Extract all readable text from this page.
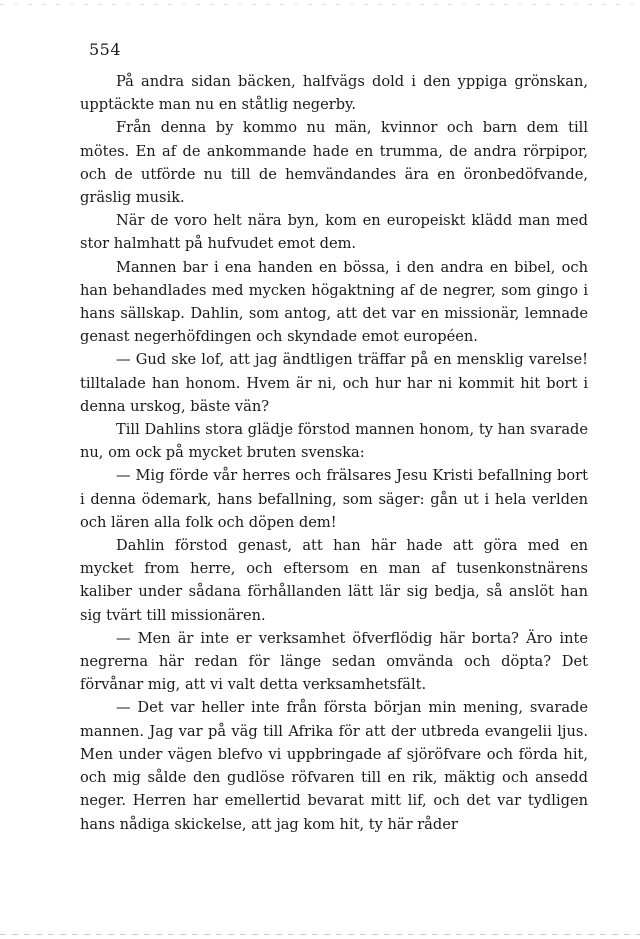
554

På andra sidan bäcken, halfvägs dold i den yppiga grönskan, upptäckte man nu en ståtlig negerby.

Från denna by kommo nu män, kvinnor och barn dem till mötes. En af de ankommande hade en trumma, de andra rörpipor, och de utförde nu till de hemvändandes ära en öronbedöfvande, gräslig musik.

När de voro helt nära byn, kom en europeiskt klädd man med stor halmhatt på hufvudet emot dem.

Mannen bar i ena handen en bössa, i den andra en bibel, och han behandlades med mycken högaktning af de negrer, som gingo i hans sällskap. Dahlin, som antog, att det var en missionär, lemnade genast negerhöfdingen och skyndade emot européen.

— Gud ske lof, att jag ändtligen träffar på en mensklig varelse! tilltalade han honom. Hvem är ni, och hur har ni kommit hit bort i denna urskog, bäste vän?

Till Dahlins stora glädje förstod mannen honom, ty han svarade nu, om ock på mycket bruten svenska:

— Mig förde vår herres och frälsares Jesu Kristi befallning bort i denna ödemark, hans befallning, som säger: gån ut i hela verlden och lären alla folk och döpen dem!

Dahlin förstod genast, att han här hade att göra med en mycket from herre, och eftersom en man af tusenkonstnärens kaliber under sådana förhållanden lätt lär sig bedja, så anslöt han sig tvärt till missionären.

— Men är inte er verksamhet öfverflödig här borta? Äro inte negrerna här redan för länge sedan omvända och döpta? Det förvånar mig, att vi valt detta verksamhetsfält.

— Det var heller inte från första början min mening, svarade mannen. Jag var på väg till Afrika för att der utbreda evangelii ljus. Men under vägen blefvo vi uppbringade af sjöröfvare och förda hit, och mig sålde den gudlöse röfvaren till en rik, mäktig och ansedd neger. Herren har emellertid bevarat mitt lif, och det var tydligen hans nådiga skickelse, att jag kom hit, ty här råder
